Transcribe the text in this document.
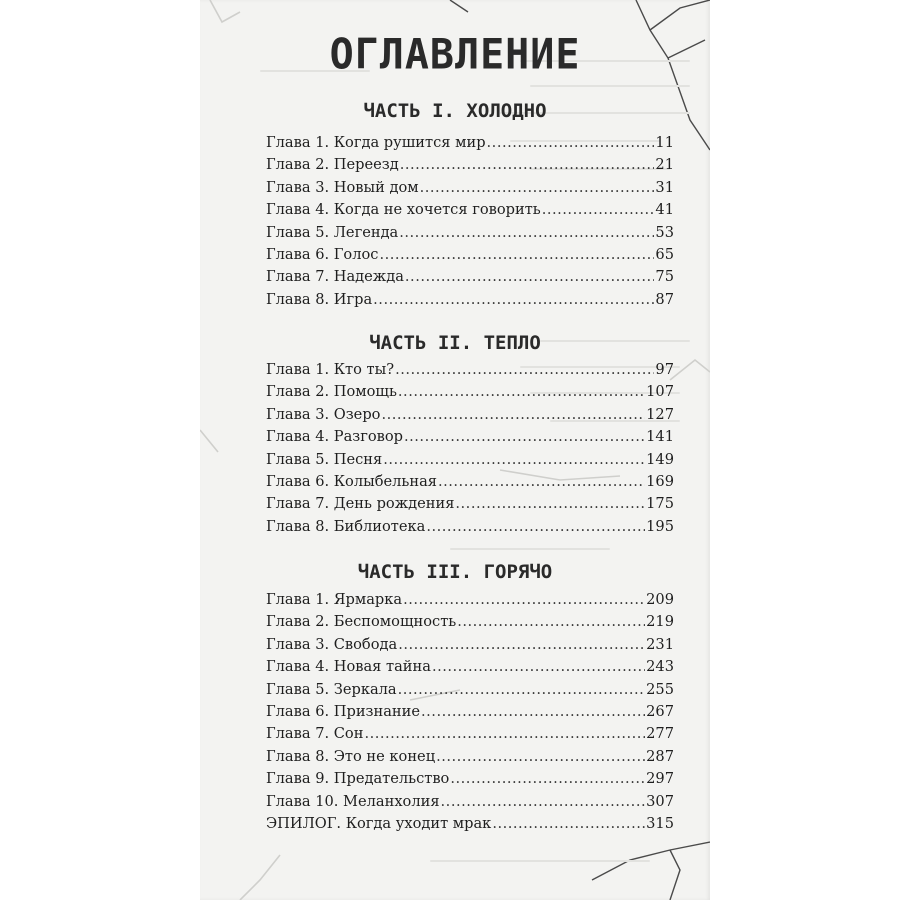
ОГЛАВЛЕНИЕ
ЧАСТЬ I. ХОЛОДНО
Глава 1. Когда рушится мир .....	11
Глава 2. Переезд .....	21
Глава 3. Новый дом .....	31
Глава 4. Когда не хочется говорить .....	41
Глава 5. Легенда .....	53
Глава 6. Голос .....	65
Глава 7. Надежда .....	75
Глава 8. Игра .....	87
ЧАСТЬ II. ТЕПЛО
Глава 1. Кто ты? .....	97
Глава 2. Помощь .....	107
Глава 3. Озеро .....	127
Глава 4. Разговор .....	141
Глава 5. Песня .....	149
Глава 6. Колыбельная .....	169
Глава 7. День рождения .....	175
Глава 8. Библиотека .....	195
ЧАСТЬ III. ГОРЯЧО
Глава 1. Ярмарка .....	209
Глава 2. Беспомощность .....	219
Глава 3. Свобода .....	231
Глава 4. Новая тайна .....	243
Глава 5. Зеркала .....	255
Глава 6. Признание .....	267
Глава 7. Сон .....	277
Глава 8. Это не конец .....	287
Глава 9. Предательство .....	297
Глава 10. Меланхолия .....	307
ЭПИЛОГ. Когда уходит мрак .....	315
